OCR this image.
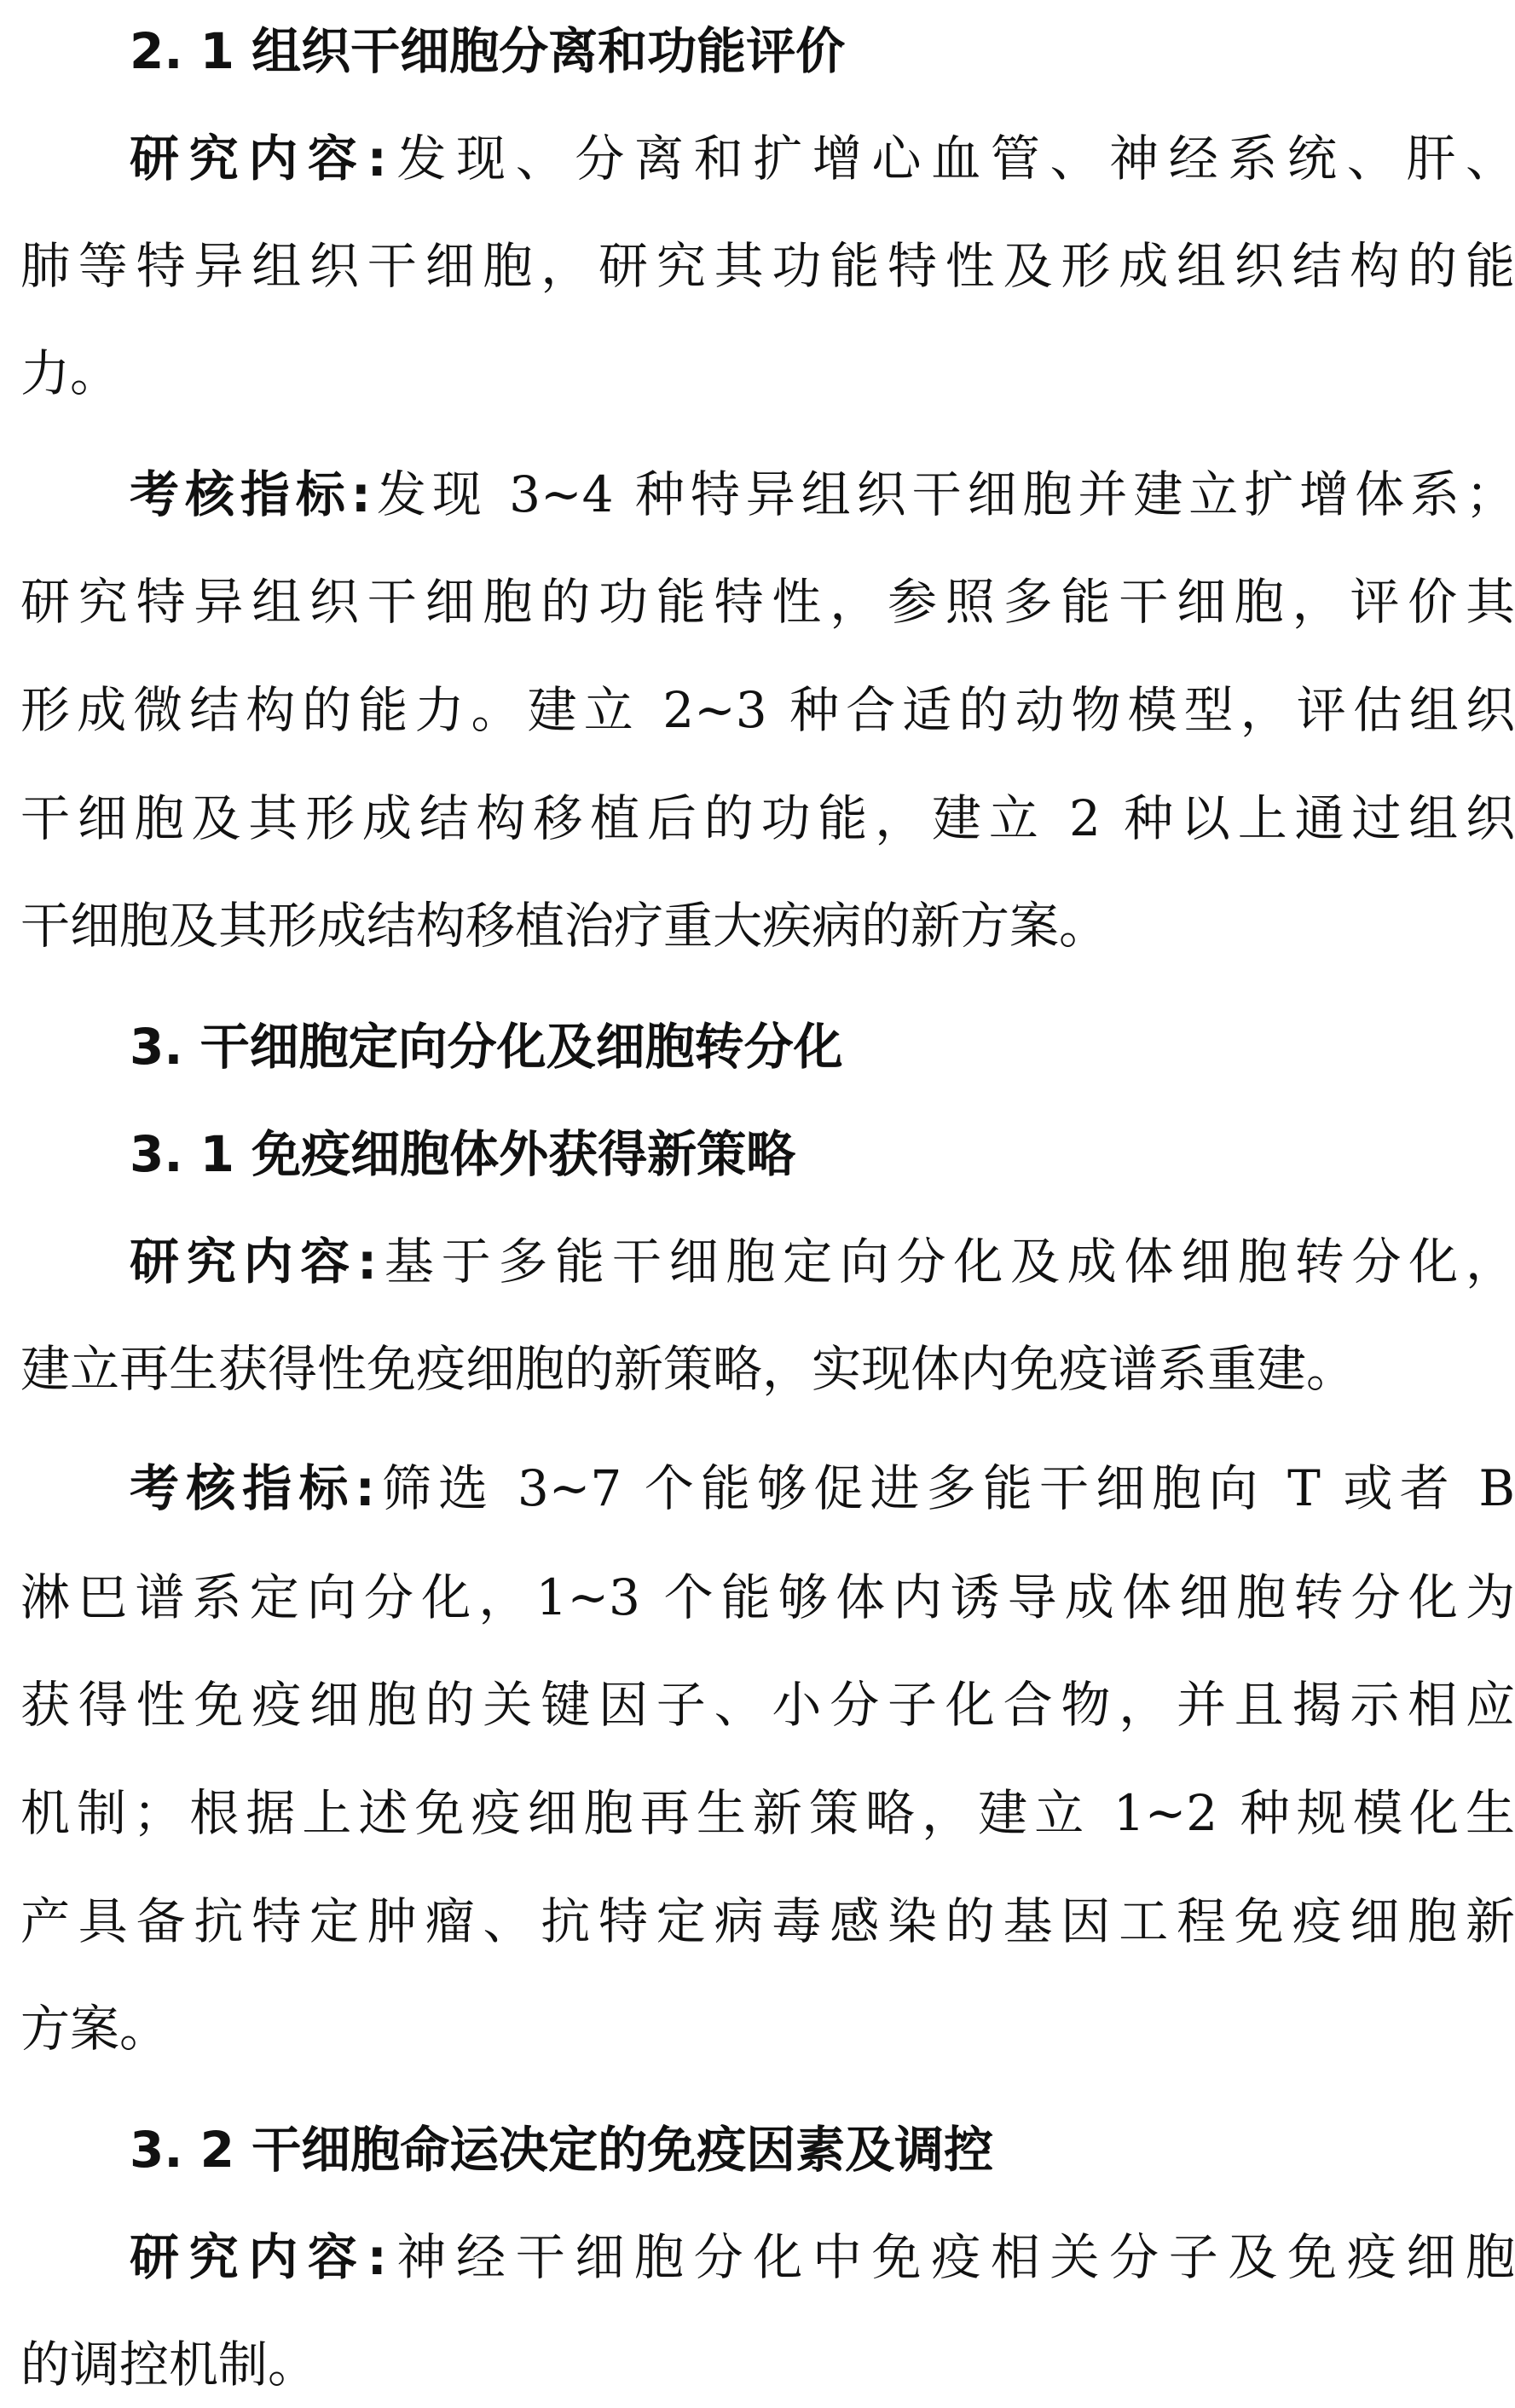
2. 1 组织干细胞分离和功能评价
研究内容:发现、分离和扩增心血管、神经系统、肝、
肺等特异组织干细胞，研究其功能特性及形成组织结构的能
力。
考核指标:发现 3~4 种特异组织干细胞并建立扩增体系；
研究特异组织干细胞的功能特性，参照多能干细胞，评价其
形成微结构的能力。建立 2~3 种合适的动物模型，评估组织
干细胞及其形成结构移植后的功能，建立 2 种以上通过组织
干细胞及其形成结构移植治疗重大疾病的新方案。
3. 干细胞定向分化及细胞转分化
3. 1 免疫细胞体外获得新策略
研究内容:基于多能干细胞定向分化及成体细胞转分化，
建立再生获得性免疫细胞的新策略，实现体内免疫谱系重建。
考核指标:筛选 3~7 个能够促进多能干细胞向 T 或者 B
淋巴谱系定向分化，1~3 个能够体内诱导成体细胞转分化为
获得性免疫细胞的关键因子、小分子化合物，并且揭示相应
机制；根据上述免疫细胞再生新策略，建立 1~2 种规模化生
产具备抗特定肿瘤、抗特定病毒感染的基因工程免疫细胞新
方案。
3. 2 干细胞命运决定的免疫因素及调控
研究内容:神经干细胞分化中免疫相关分子及免疫细胞
的调控机制。
